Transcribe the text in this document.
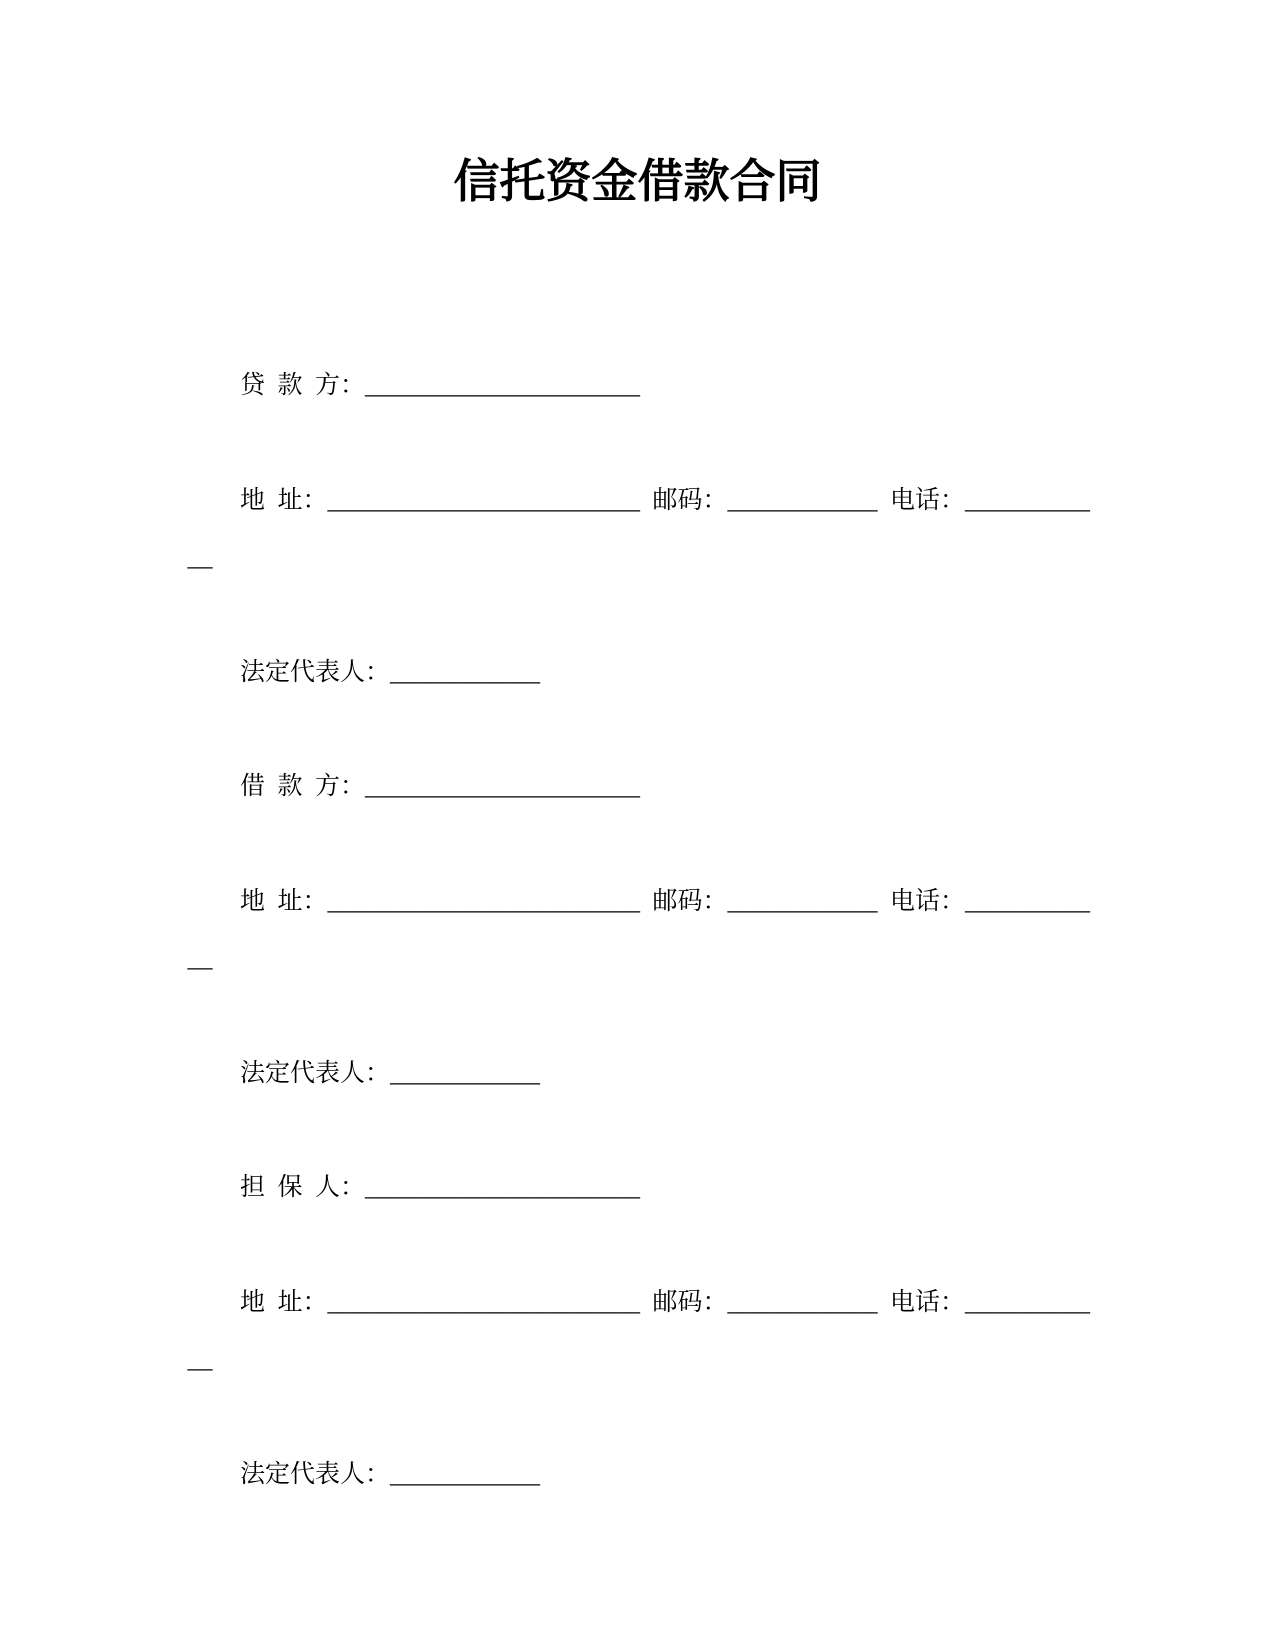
信托资金借款合同
贷 款 方： ______________________
地 址： _________________________ 邮码： ____________ 电话： __________
__
法定代表人： ____________
借 款 方： ______________________
地 址： _________________________ 邮码： ____________ 电话： __________
__
法定代表人： ____________
担 保 人： ______________________
地 址： _________________________ 邮码： ____________ 电话： __________
__
法定代表人： ____________
